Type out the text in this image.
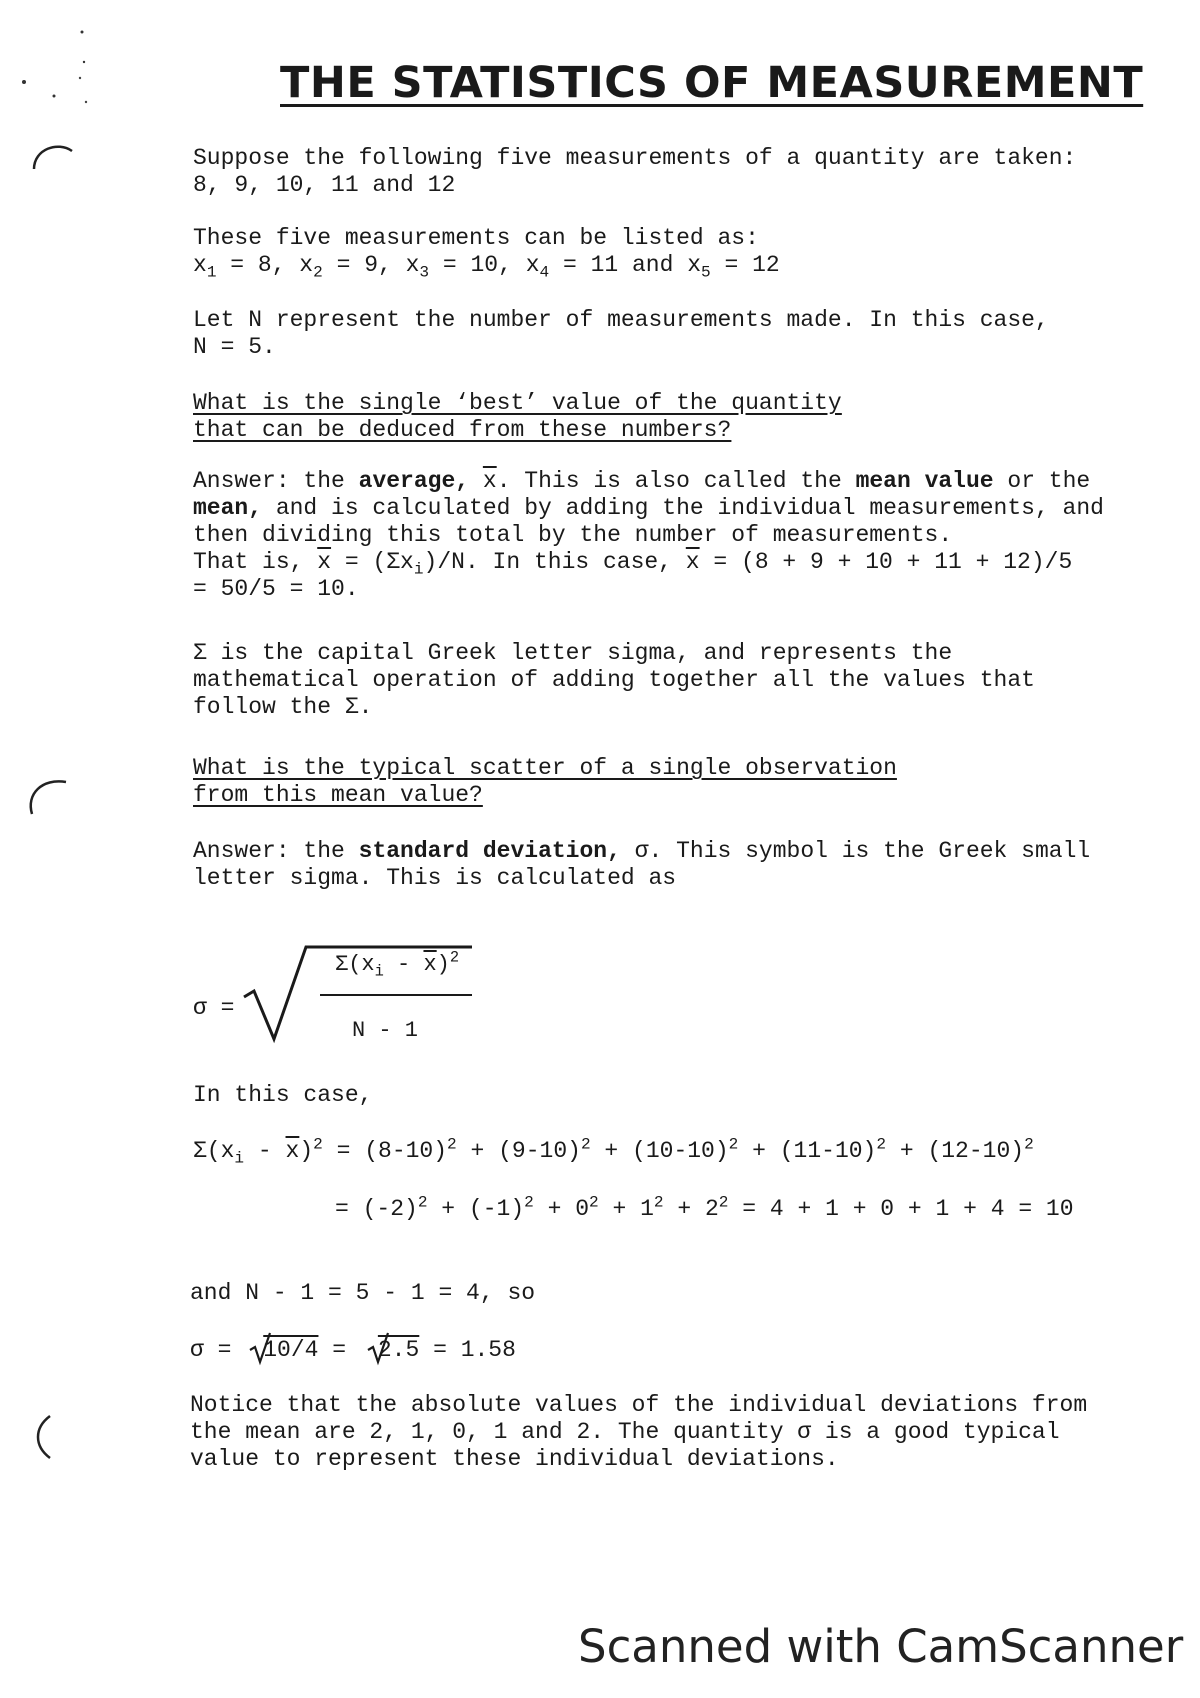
THE STATISTICS OF MEASUREMENT
Suppose the following five measurements of a quantity are taken:
8, 9, 10, 11 and 12
These five measurements can be listed as:
$x_1 = 8$, $x_2 = 9$, $x_3 = 10$, $x_4 = 11$ and $x_5 = 12$
Let N represent the number of measurements made. In this case,
N = 5.
What is the single ‘best’ value of the quantity
that can be deduced from these numbers?
Answer: the average, $\overline{x}$. This is also called the mean value or the
mean, and is calculated by adding the individual measurements, and
then dividing this total by the number of measurements.
That is, $\overline{x} = (\Sigma x_i)/N$. In this case, $\overline{x} = (8 + 9 + 10 + 11 + 12)/5$
= 50/5 = 10.
Σ is the capital Greek letter sigma, and represents the
mathematical operation of adding together all the values that
follow the Σ.
What is the typical scatter of a single observation
from this mean value?
Answer: the standard deviation, σ. This symbol is the Greek small
letter sigma. This is calculated as
σ =
$\Sigma(x_i - \overline{x})^2$
N - 1
In this case,
$\Sigma(x_i - \overline{x})^2 = (8-10)^2 + (9-10)^2 + (10-10)^2 + (11-10)^2 + (12-10)^2$
= $(-2)^2 + (-1)^2 + 0^2 + 1^2 + 2^2 = 4 + 1 + 0 + 1 + 4 = 10$
and N - 1 = 5 - 1 = 4, so
σ = 10/4 = 2.5 = 1.58
Notice that the absolute values of the individual deviations from
the mean are 2, 1, 0, 1 and 2. The quantity σ is a good typical
value to represent these individual deviations.
Scanned with CamScanner
